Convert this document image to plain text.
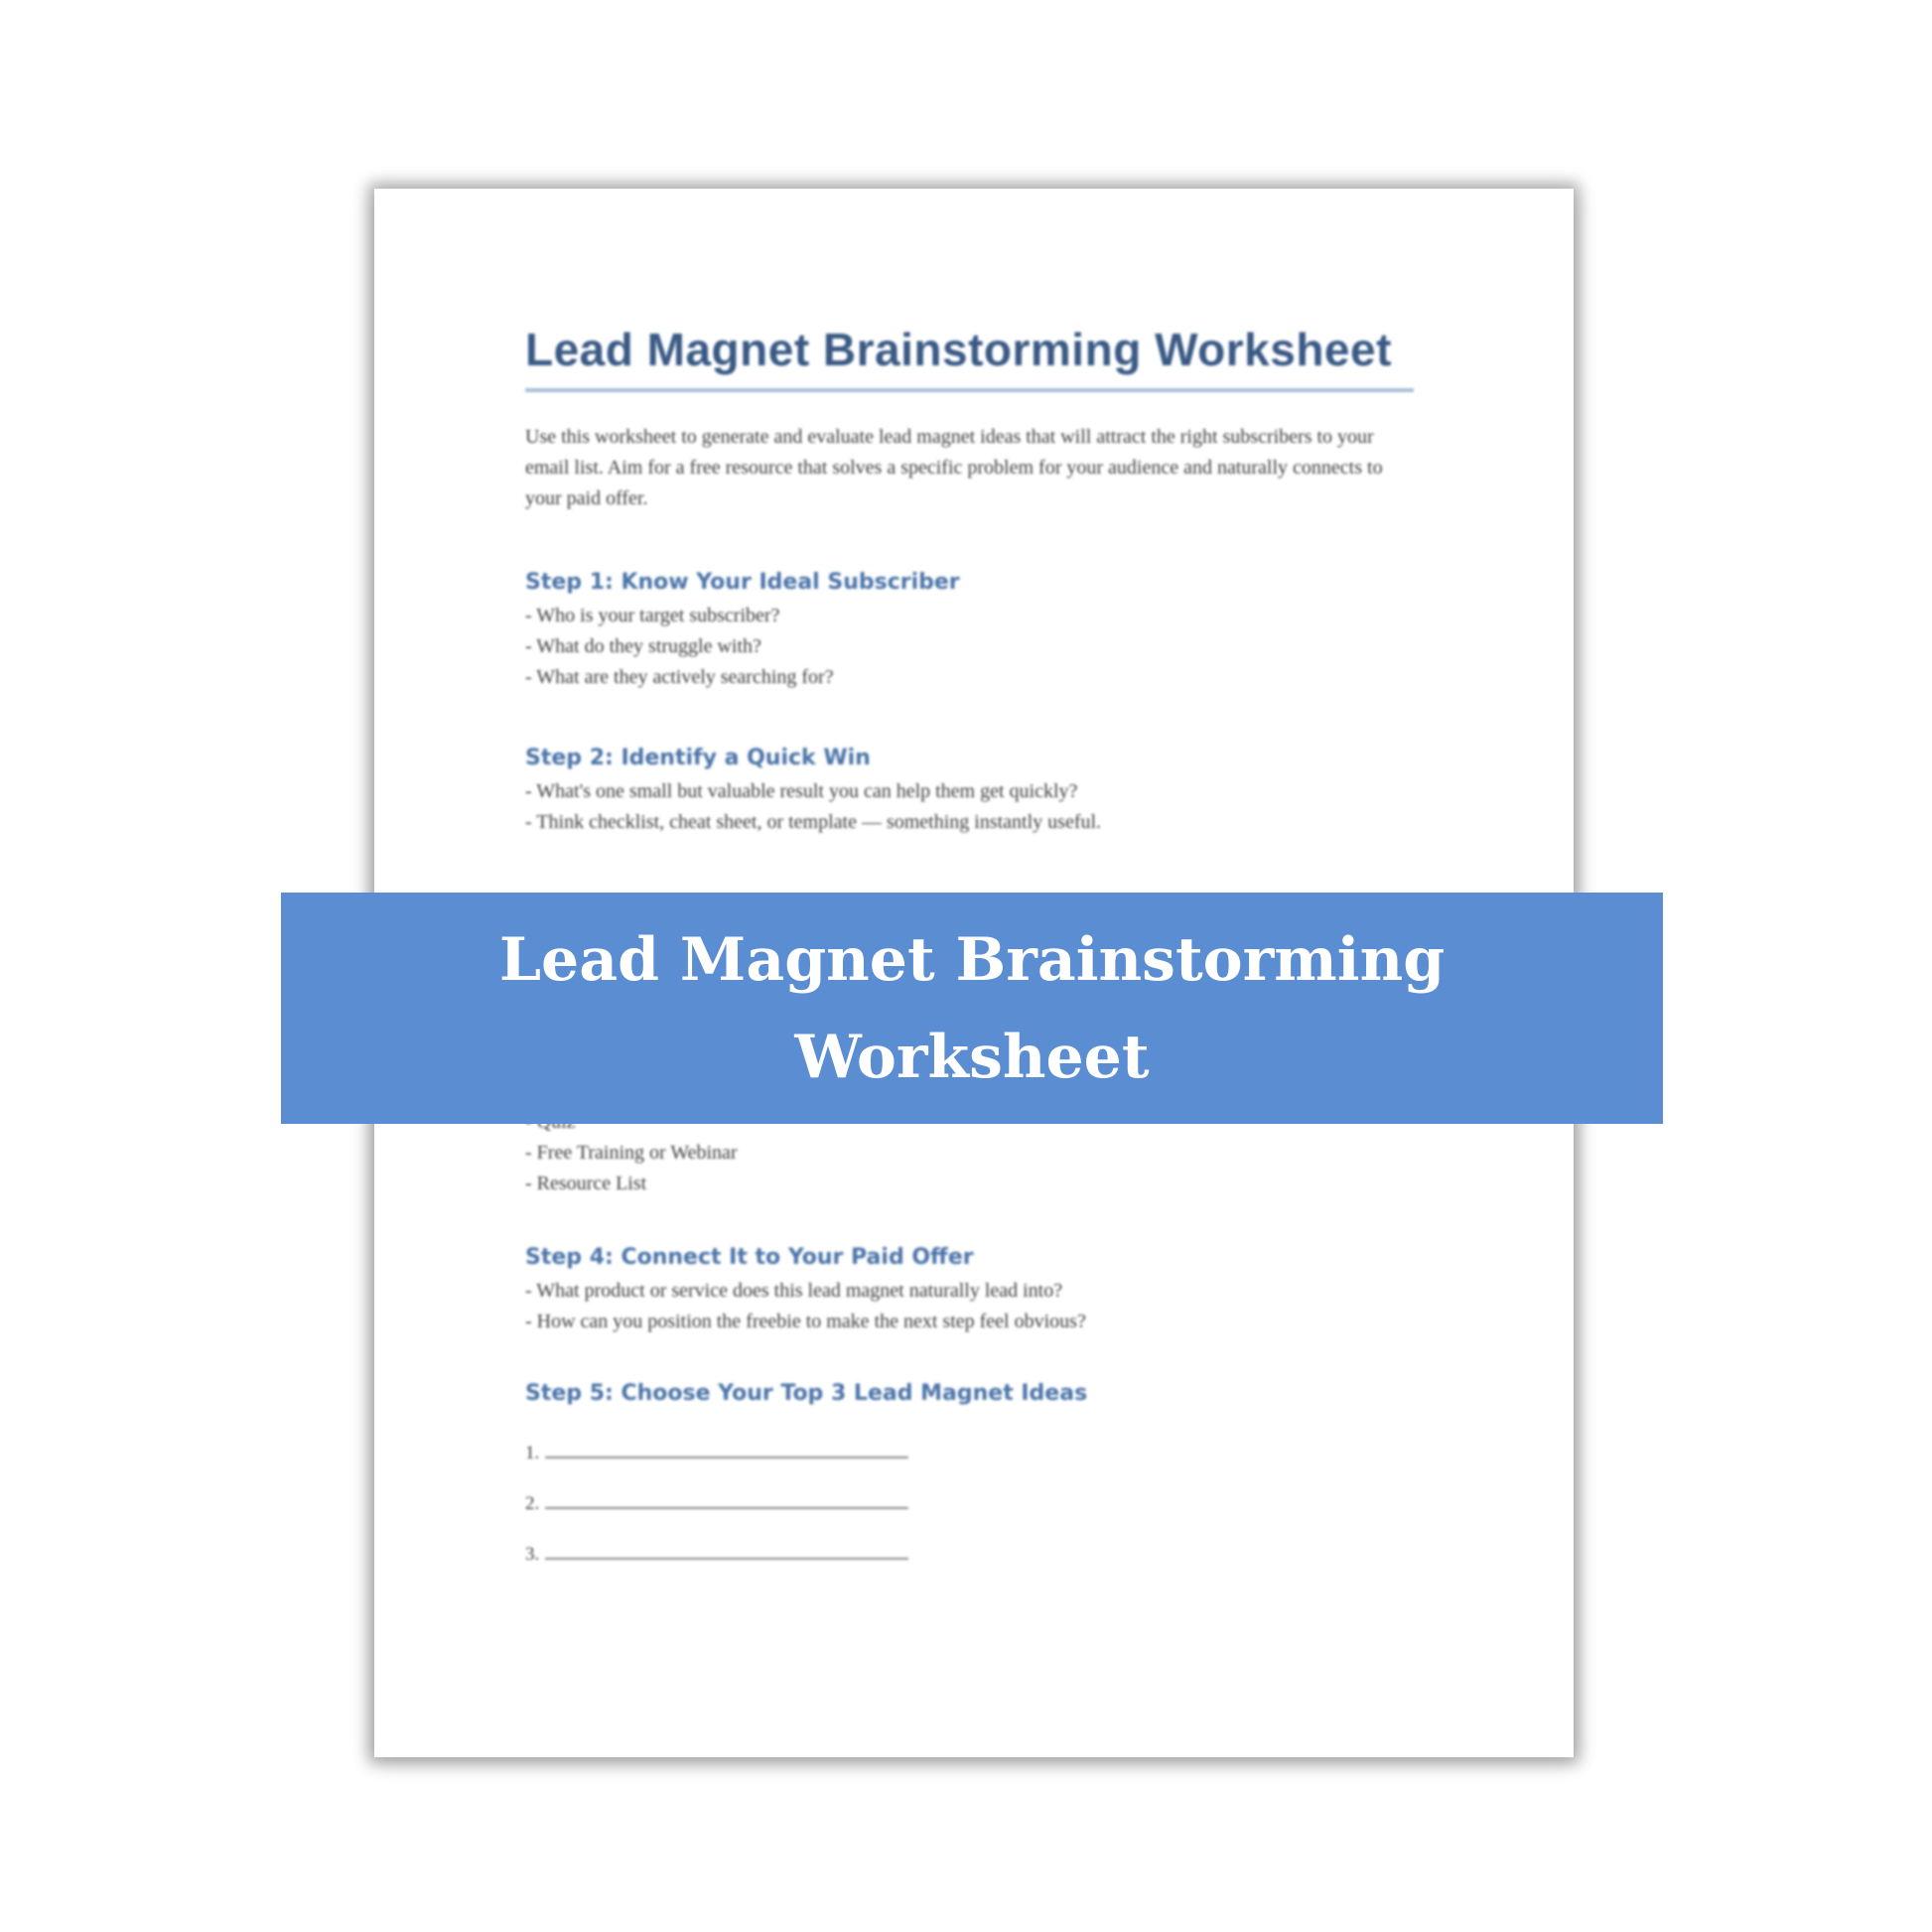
Lead Magnet Brainstorming Worksheet

Use this worksheet to generate and evaluate lead magnet ideas that will attract the right subscribers to your email list. Aim for a free resource that solves a specific problem for your audience and naturally connects to your paid offer.

Step 1: Know Your Ideal Subscriber
- Who is your target subscriber?
- What do they struggle with?
- What are they actively searching for?
Step 2: Identify a Quick Win
- What's one small but valuable result you can help them get quickly?
- Think checklist, cheat sheet, or template — something instantly useful.
- Free Training or Webinar
- Resource List
Step 4: Connect It to Your Paid Offer
- What product or service does this lead magnet naturally lead into?
- How can you position the freebie to make the next step feel obvious?
Step 5: Choose Your Top 3 Lead Magnet Ideas
1.
2.
3.
Lead Magnet Brainstorming Worksheet
